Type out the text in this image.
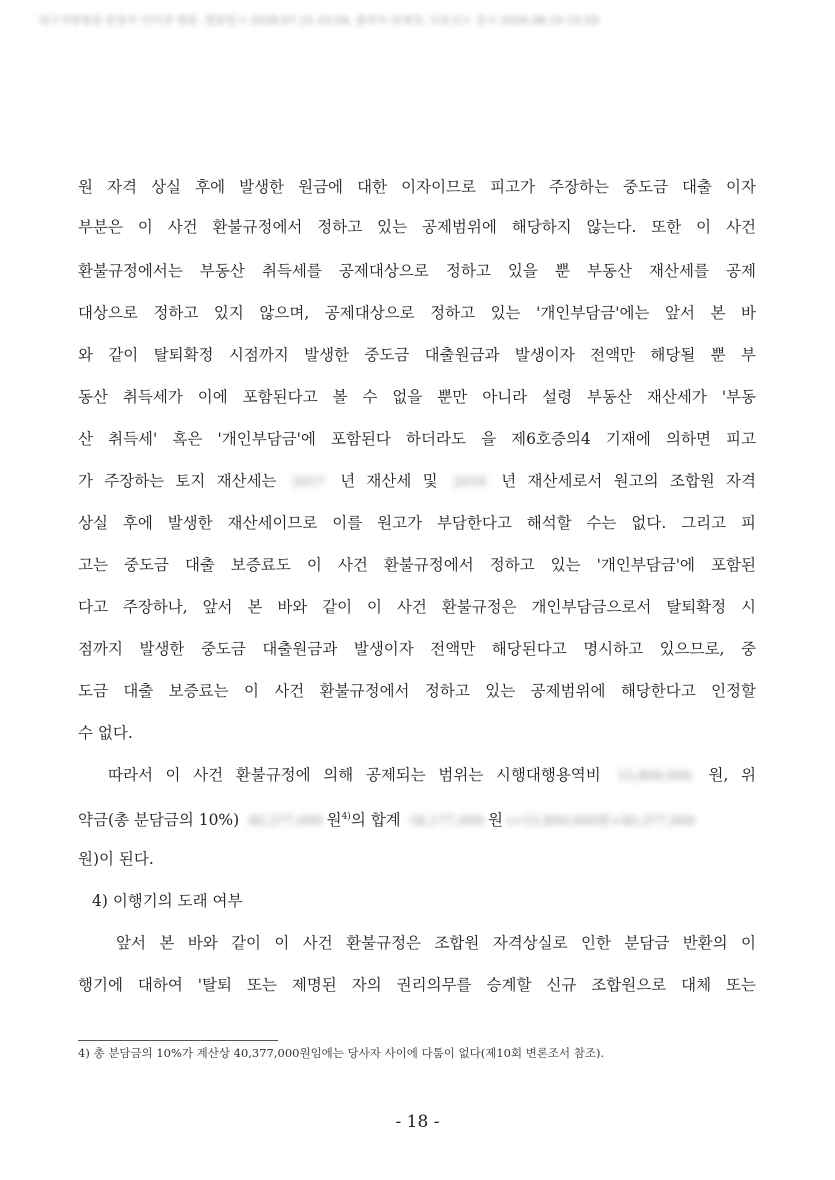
대구지방법원 판결서 인터넷 열람, 열람일시 2026.07.15 23:59, 출력자 판례정, 다운로드 일시 2026.08.10 15:59
원 자격 상실 후에 발생한 원금에 대한 이자이므로 피고가 주장하는 중도금 대출 이자
부분은 이 사건 환불규정에서 정하고 있는 공제범위에 해당하지 않는다. 또한 이 사건
환불규정에서는 부동산 취득세를 공제대상으로 정하고 있을 뿐 부동산 재산세를 공제
대상으로 정하고 있지 않으며, 공제대상으로 정하고 있는 '개인부담금'에는 앞서 본 바
와 같이 탈퇴확정 시점까지 발생한 중도금 대출원금과 발생이자 전액만 해당될 뿐 부
동산 취득세가 이에 포함된다고 볼 수 없을 뿐만 아니라 설령 부동산 재산세가 '부동
산 취득세' 혹은 '개인부담금'에 포함된다 하더라도 을 제6호증의4 기재에 의하면 피고
가 주장하는 토지 재산세는 2017 년 재산세 및 2018 년 재산세로서 원고의 조합원 자격
상실 후에 발생한 재산세이므로 이를 원고가 부담한다고 해석할 수는 없다. 그리고 피
고는 중도금 대출 보증료도 이 사건 환불규정에서 정하고 있는 '개인부담금'에 포함된
다고 주장하나, 앞서 본 바와 같이 이 사건 환불규정은 개인부담금으로서 탈퇴확정 시
점까지 발생한 중도금 대출원금과 발생이자 전액만 해당된다고 명시하고 있으므로, 중
도금 대출 보증료는 이 사건 환불규정에서 정하고 있는 공제범위에 해당한다고 인정할
수 없다.
따라서 이 사건 환불규정에 의해 공제되는 범위는 시행대행용역비 15,800,000 원, 위
약금(총 분담금의 10%) 40,377,000 원$^{4)}$의 합계 56,177,000 원 (=15,800,000원+40,377,000
원)이 된다.
4) 이행기의 도래 여부
앞서 본 바와 같이 이 사건 환불규정은 조합원 자격상실로 인한 분담금 반환의 이
행기에 대하여 '탈퇴 또는 제명된 자의 권리의무를 승계할 신규 조합원으로 대체 또는
4) 총 분담금의 10%가 계산상 40,377,000원임에는 당사자 사이에 다툼이 없다(제10회 변론조서 참조).
- 18 -
